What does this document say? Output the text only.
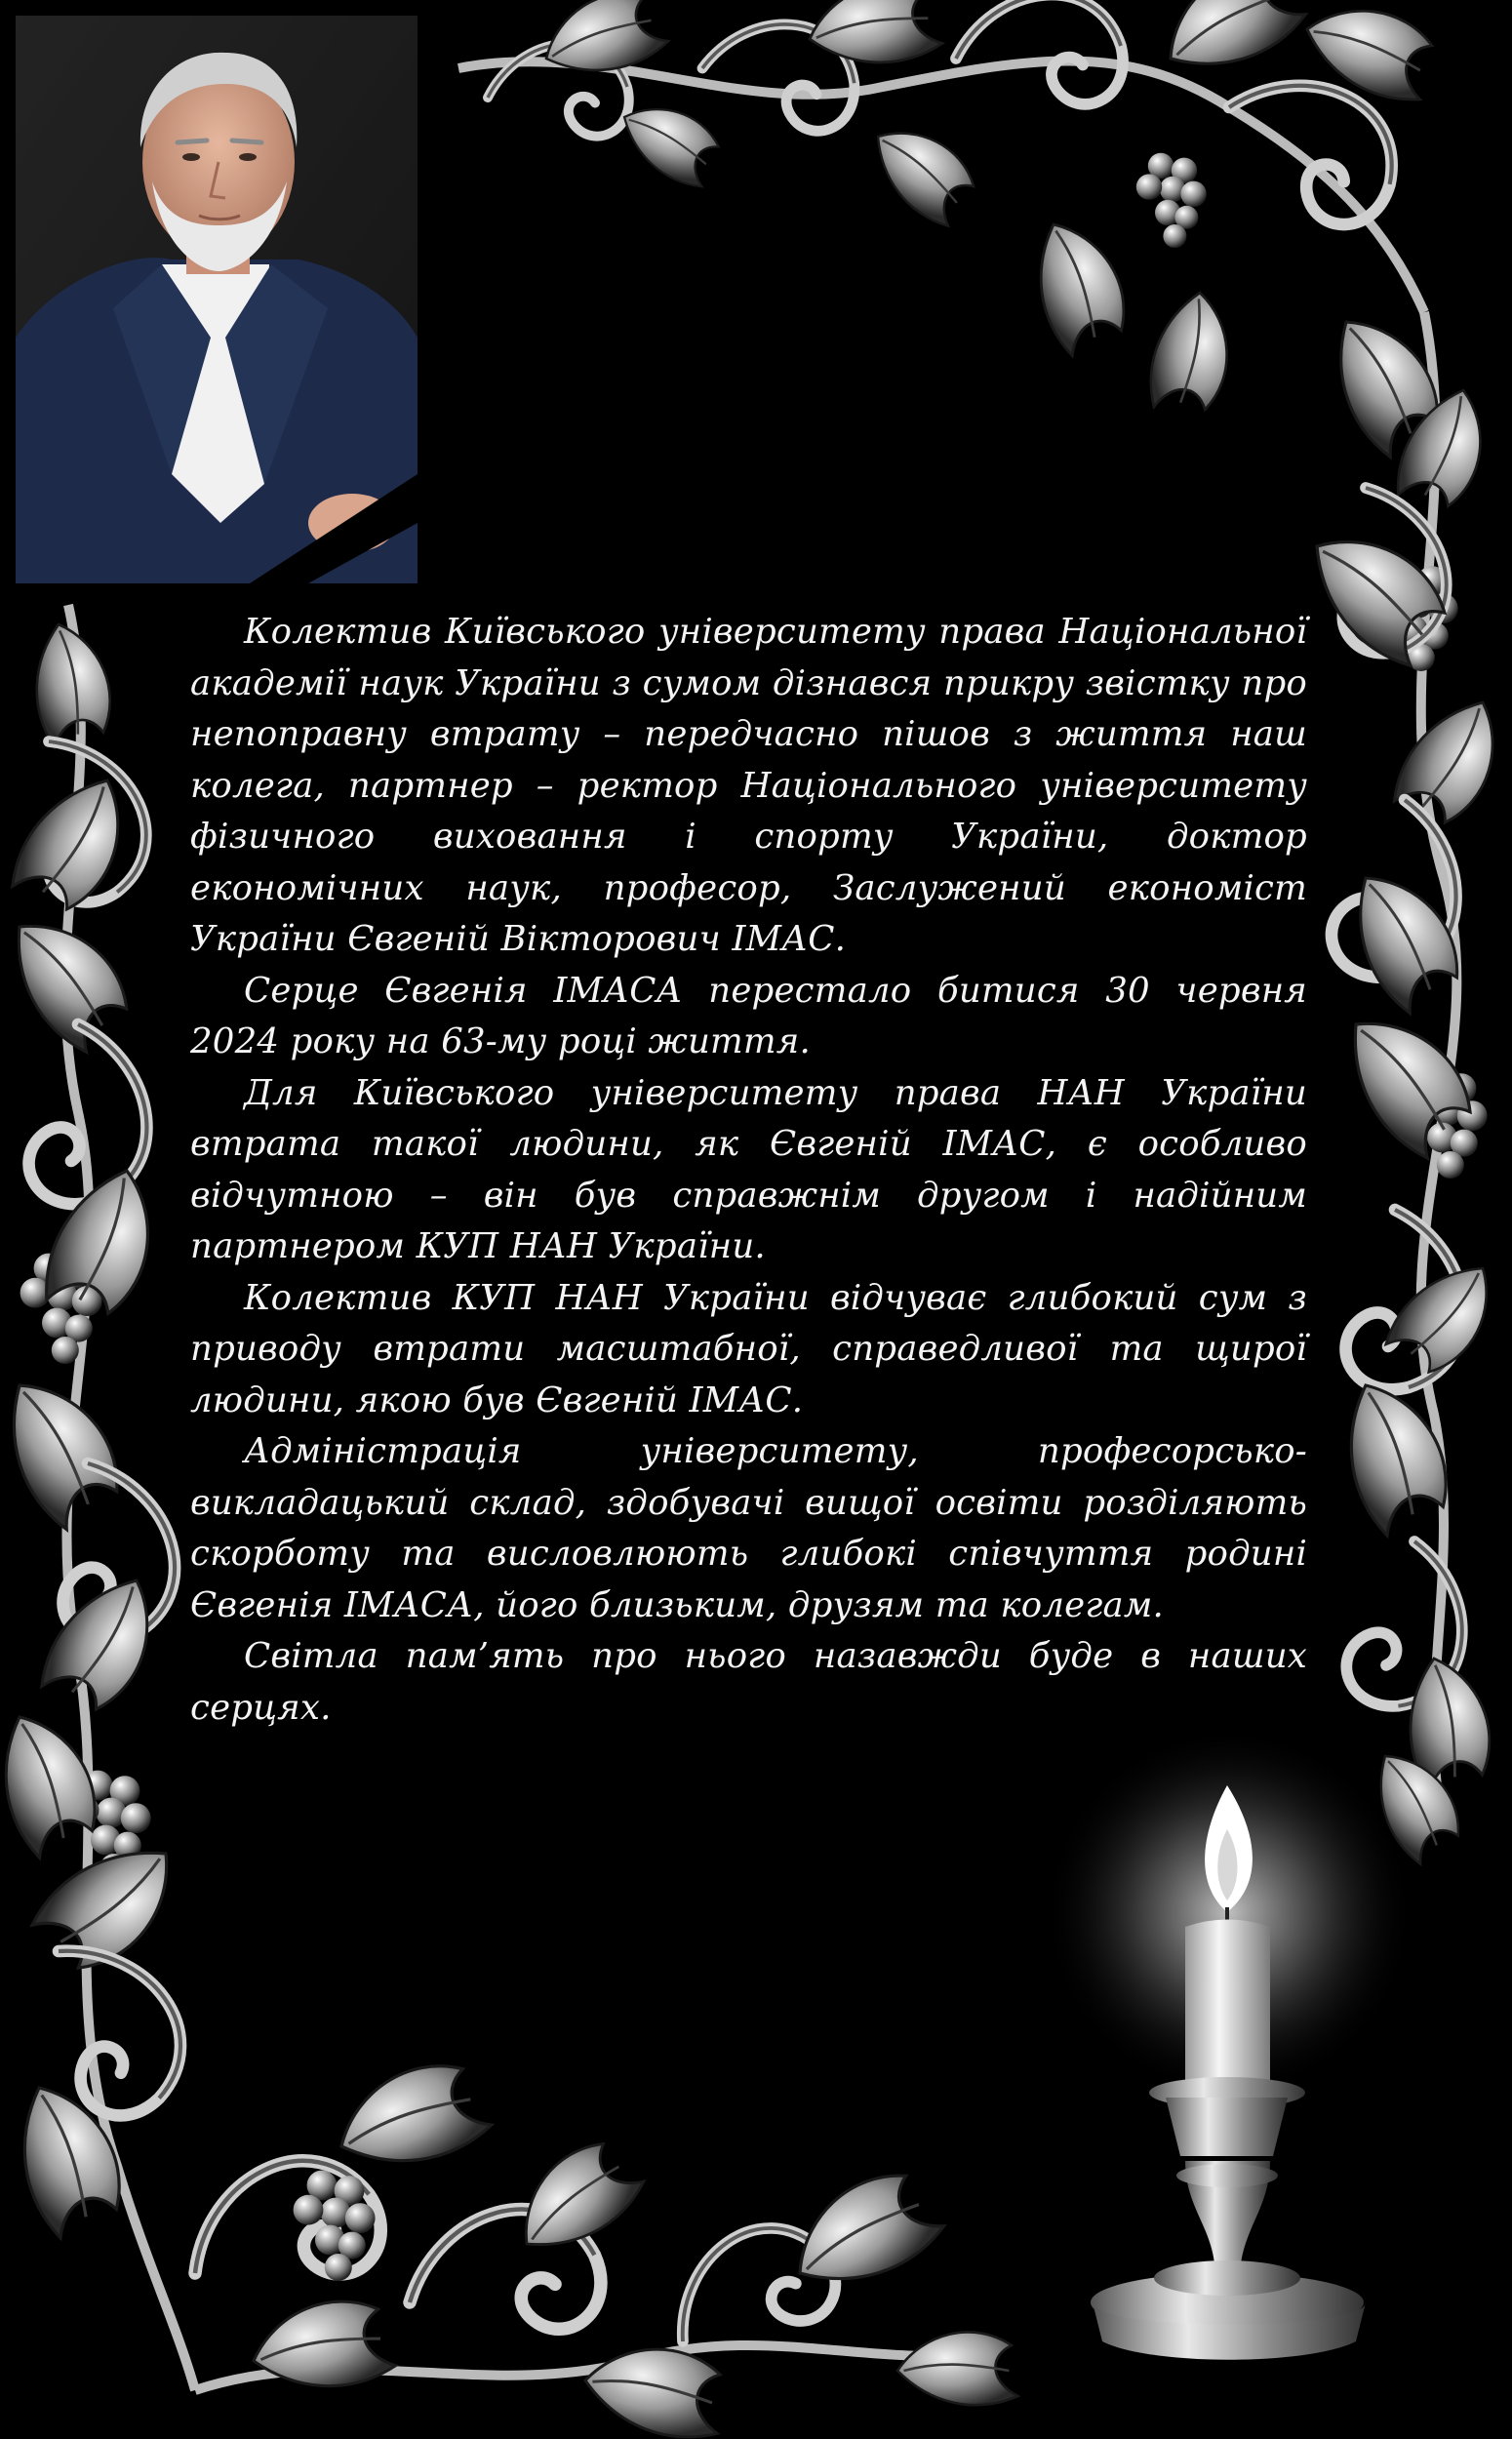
Колектив Київського університету права Національної академії наук України з сумом дізнався прикру звістку про непоправну втрату – передчасно пішов з життя наш колега, партнер – ректор Національного університету фізичного виховання і спорту України, доктор економічних наук, професор, Заслужений економіст України Євгеній Вікторович ІМАС.

Серце Євгенія ІМАСА перестало битися 30 червня 2024 року на 63-му році життя.

Для Київського університету права НАН України втрата такої людини, як Євгеній ІМАС, є особливо відчутною – він був справжнім другом і надійним партнером КУП НАН України.

Колектив КУП НАН України відчуває глибокий сум з приводу втрати масштабної, справедливої та щирої людини, якою був Євгеній ІМАС.

Адміністрація університету, професорсько-викладацький склад, здобувачі вищої освіти розділяють скорботу та висловлюють глибокі співчуття родині Євгенія ІМАСА, його близьким, друзям та колегам.

Світла пам’ять про нього назавжди буде в наших серцях.
